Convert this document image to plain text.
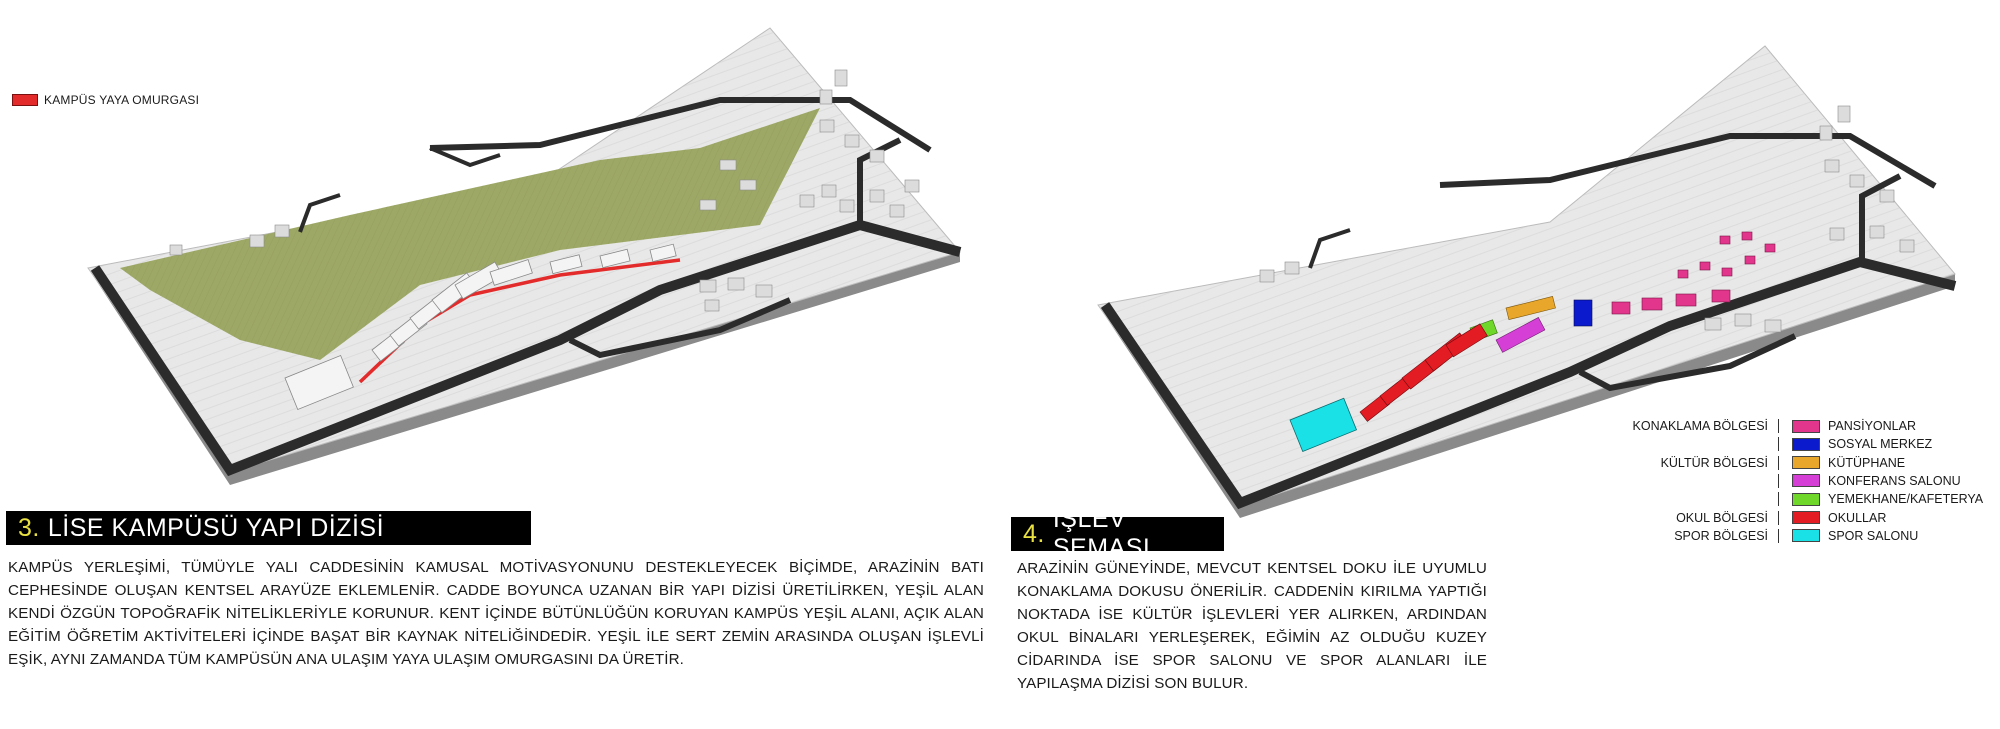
KAMPÜS YAYA OMURGASI
3. LİSE KAMPÜSÜ YAPI DİZİSİ

KAMPÜS YERLEŞİMİ, TÜMÜYLE YALI CADDESİNİN KAMUSAL MOTİVASYONUNU DESTEKLEYECEK BİÇİMDE, ARAZİNİN BATI CEPHESİNDE OLUŞAN KENTSEL ARAYÜZE EKLEMLENİR. CADDE BOYUNCA UZANAN BİR YAPI DİZİSİ ÜRETİLİRKEN, YEŞİL ALAN KENDİ ÖZGÜN TOPOĞRAFİK NİTELİKLERİYLE KORUNUR. KENT İÇİNDE BÜTÜNLÜĞÜN KORUYAN KAMPÜS YEŞİL ALANI, AÇIK ALAN EĞİTİM ÖĞRETİM AKTİVİTELERİ İÇİNDE BAŞAT BİR KAYNAK NİTELİĞİNDEDİR. YEŞİL İLE SERT ZEMİN ARASINDA OLUŞAN İŞLEVLİ EŞİK, AYNI ZAMANDA TÜM KAMPÜSÜN ANA ULAŞIM YAYA ULAŞIM OMURGASINI DA ÜRETİR.

4.
İŞLEV ŞEMASI

ARAZİNİN GÜNEYİNDE, MEVCUT KENTSEL DOKU İLE UYUMLU KONAKLAMA DOKUSU ÖNERİLİR. CADDENİN KIRILMA YAPTIĞI NOKTADA İSE KÜLTÜR İŞLEVLERİ YER ALIRKEN, ARDINDAN OKUL BİNALARI YERLEŞEREK, EĞİMİN AZ OLDUĞU KUZEY CİDARINDA İSE SPOR SALONU VE SPOR ALANLARI İLE YAPILAŞMA DİZİSİ SON BULUR.

KONAKLAMA BÖLGESİ	PANSİYONLAR
SOSYAL MERKEZ
KÜLTÜR BÖLGESİ	KÜTÜPHANE
KONFERANS SALONU
YEMEKHANE/KAFETERYA
OKUL BÖLGESİ	OKULLAR
SPOR BÖLGESİ	SPOR SALONU
